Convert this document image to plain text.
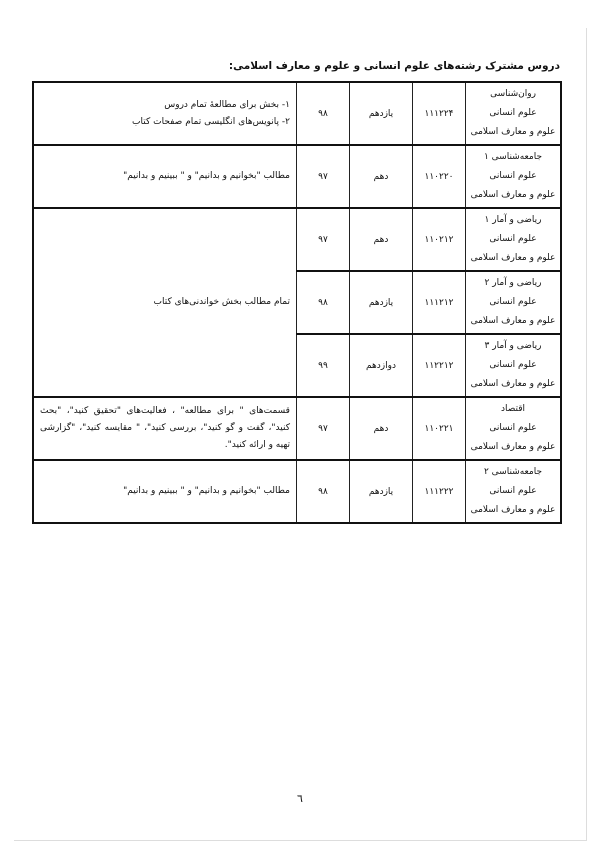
دروس مشترک رشته‌های علوم انسانی و علوم و معارف اسلامی:
روان‌شناسی
علوم انسانی
علوم و معارف اسلامی	۱۱۱۲۲۴	یازدهم	۹۸	۱- بخش برای مطالعهٔ تمام دروس
۲- پانویس‌های انگلیسی تمام صفحات کتاب

جامعه‌شناسی ۱
علوم انسانی
علوم و معارف اسلامی	۱۱۰۲۲۰	دهم	۹۷	مطالب "بخوانیم و بدانیم" و " ببینیم و بدانیم"

ریاضی و آمار ۱
علوم انسانی
علوم و معارف اسلامی	۱۱۰۲۱۲	دهم	۹۷	تمام مطالب بخش خواندنی‌های کتاب

ریاضی و آمار ۲
علوم انسانی
علوم و معارف اسلامی	۱۱۱۲۱۲	یازدهم	۹۸	

ریاضی و آمار ۳
علوم انسانی
علوم و معارف اسلامی	۱۱۲۲۱۲	دوازدهم	۹۹	

اقتصاد
علوم انسانی
علوم و معارف اسلامی	۱۱۰۲۲۱	دهم	۹۷	قسمت‌های " برای مطالعه" ، فعالیت‌های "تحقیق کنید"، "بحث کنید"، گفت و گو کنید"، بررسی کنید"، " مقایسه کنید"، "گزارشی تهیه و ارائه کنید".

جامعه‌شناسی ۲
علوم انسانی
علوم و معارف اسلامی	۱۱۱۲۲۲	یازدهم	۹۸	مطالب "بخوانیم و بدانیم" و " ببینیم و بدانیم"
٦
